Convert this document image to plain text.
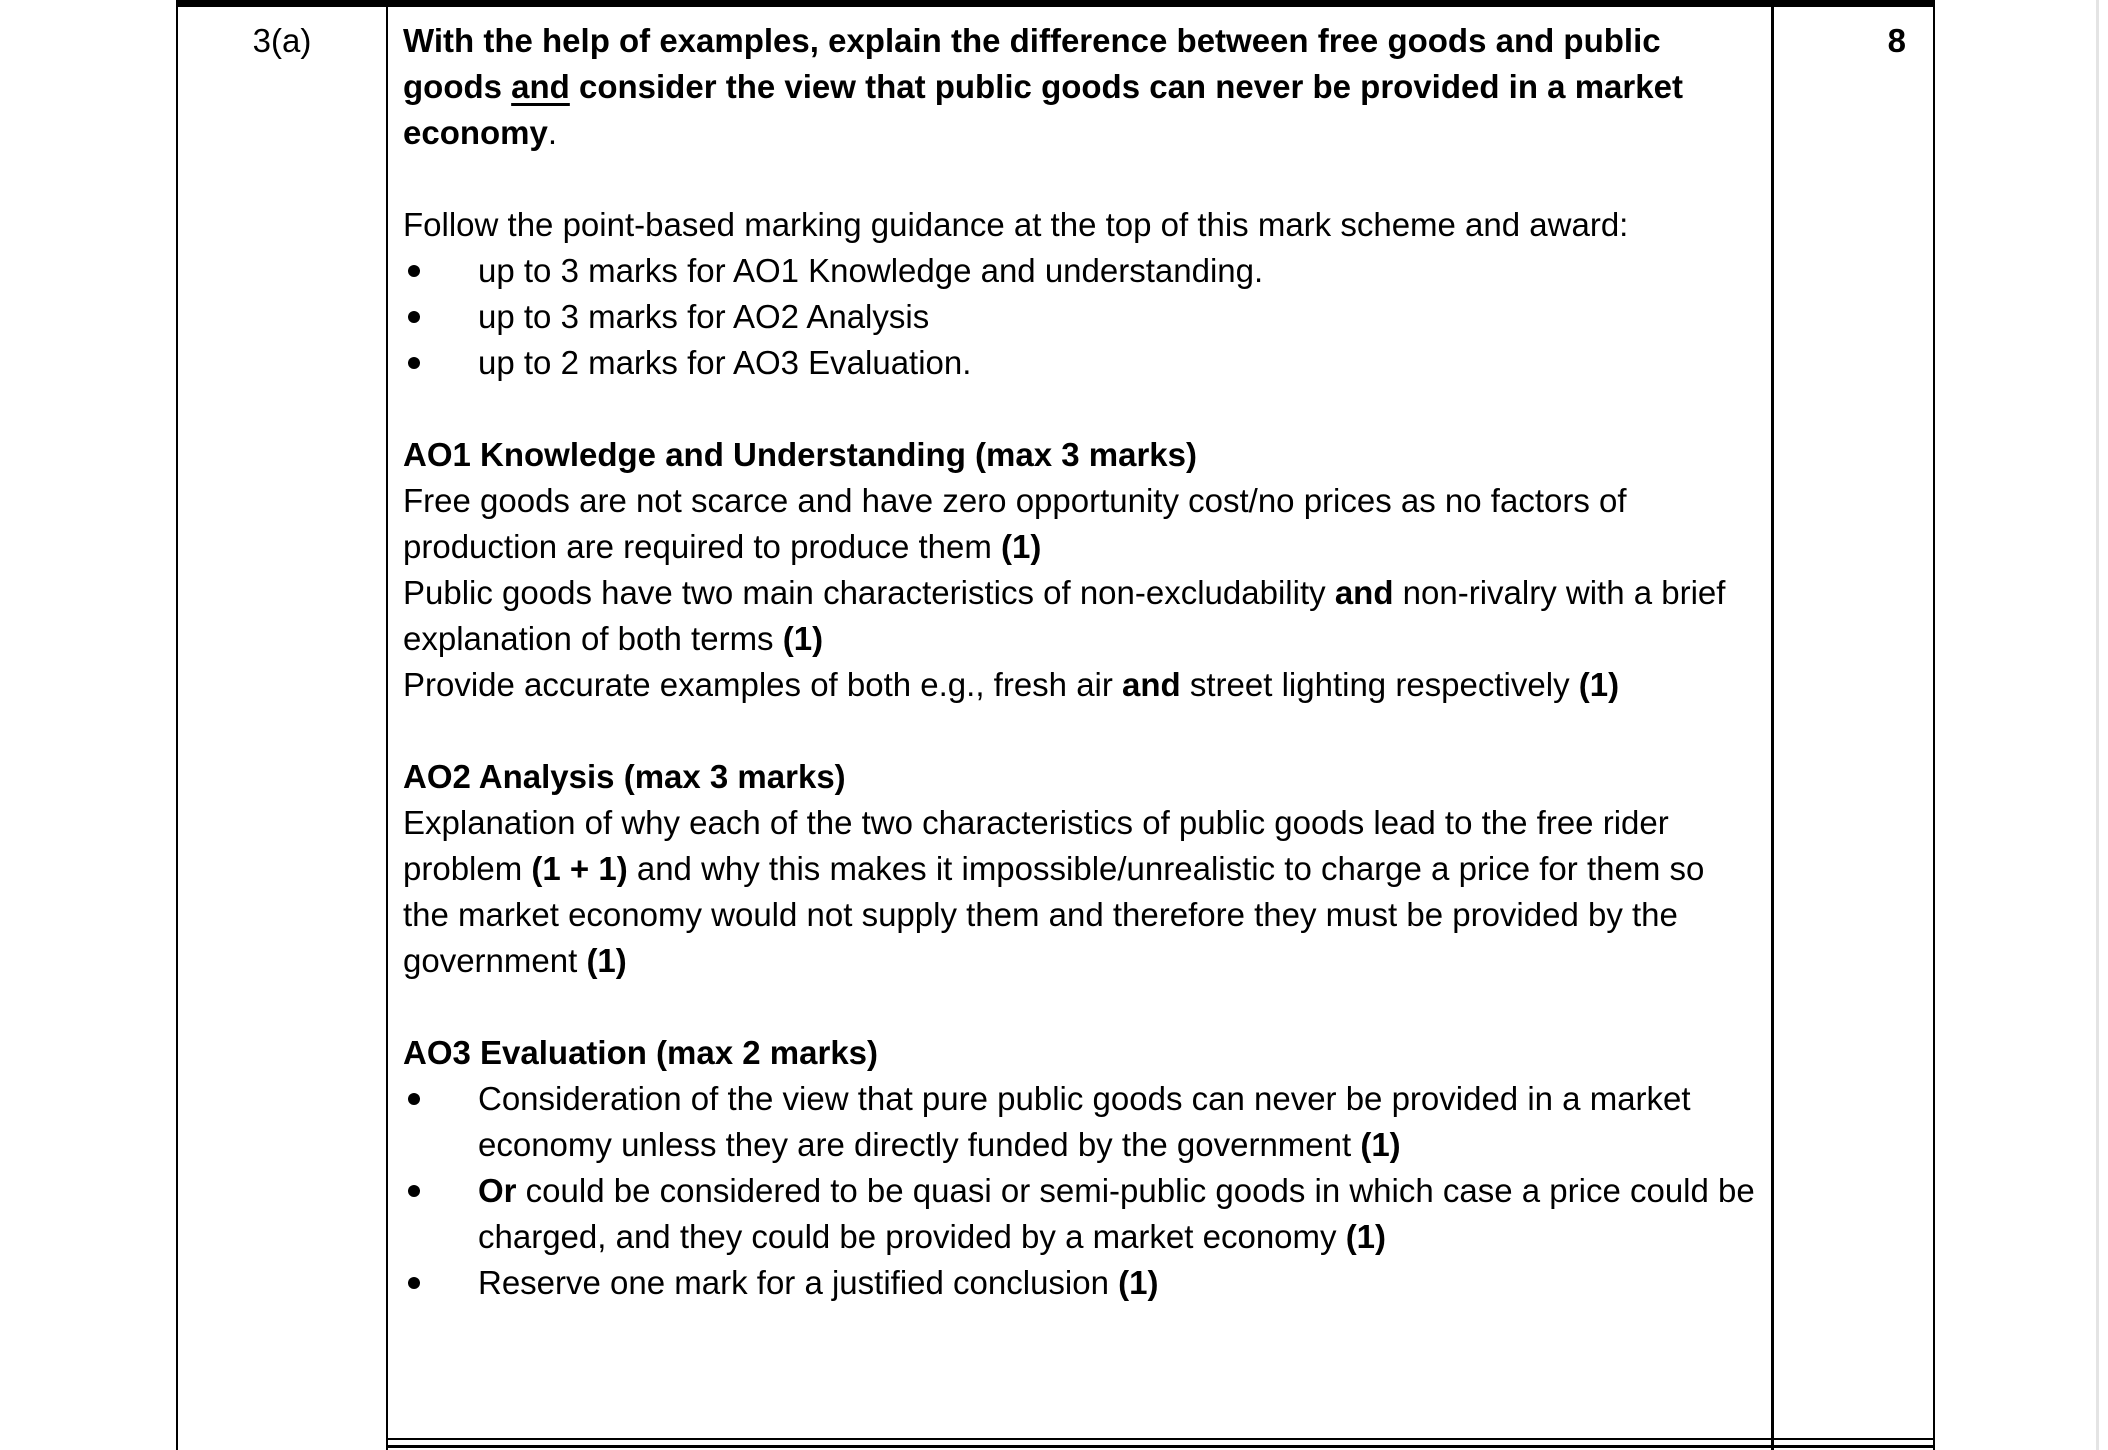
3(a)	With the help of examples, explain the difference between free goods and public goods and consider the view that public goods can never be provided in a market economy.

Follow the point-based marking guidance at the top of this mark scheme and award:

up to 3 marks for AO1 Knowledge and understanding.
up to 3 marks for AO2 Analysis
up to 2 marks for AO3 Evaluation.

AO1 Knowledge and Understanding (max 3 marks)

Free goods are not scarce and have zero opportunity cost/no prices as no factors of production are required to produce them (1)

Public goods have two main characteristics of non-excludability and non-rivalry with a brief explanation of both terms (1)

Provide accurate examples of both e.g., fresh air and street lighting respectively (1)

AO2 Analysis (max 3 marks)

Explanation of why each of the two characteristics of public goods lead to the free rider problem (1 + 1) and why this makes it impossible/unrealistic to charge a price for them so the market economy would not supply them and therefore they must be provided by the government (1)

AO3 Evaluation (max 2 marks)

Consideration of the view that pure public goods can never be provided in a market economy unless they are directly funded by the government (1)
Or could be considered to be quasi or semi-public goods in which case a price could be charged, and they could be provided by a market economy (1)
Reserve one mark for a justified conclusion (1)
8
